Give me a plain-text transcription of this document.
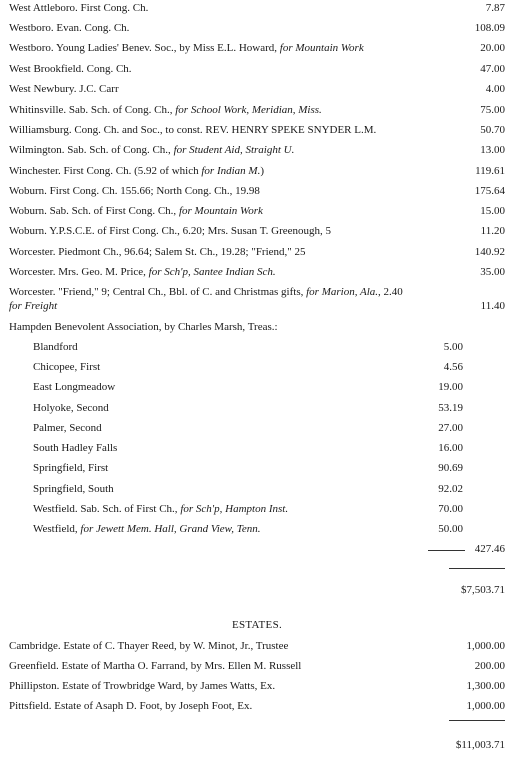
West Attleboro. First Cong. Ch.	7.87
Westboro. Evan. Cong. Ch.	108.09
Westboro. Young Ladies' Benev. Soc., by Miss E.L. Howard, for Mountain Work	20.00
West Brookfield. Cong. Ch.	47.00
West Newbury. J.C. Carr	4.00
Whitinsville. Sab. Sch. of Cong. Ch., for School Work, Meridian, Miss.	75.00
Williamsburg. Cong. Ch. and Soc., to const. REV. HENRY SPEKE SNYDER L.M.	50.70
Wilmington. Sab. Sch. of Cong. Ch., for Student Aid, Straight U.	13.00
Winchester. First Cong. Ch. (5.92 of which for Indian M.)	119.61
Woburn. First Cong. Ch. 155.66; North Cong. Ch., 19.98	175.64
Woburn. Sab. Sch. of First Cong. Ch., for Mountain Work	15.00
Woburn. Y.P.S.C.E. of First Cong. Ch., 6.20; Mrs. Susan T. Greenough, 5	11.20
Worcester. Piedmont Ch., 96.64; Salem St. Ch., 19.28; "Friend," 25	140.92
Worcester. Mrs. Geo. M. Price, for Sch'p, Santee Indian Sch.	35.00
Worcester. "Friend," 9; Central Ch., Bbl. of C. and Christmas gifts, for Marion, Ala., 2.40
for Freight	11.40
Hampden Benevolent Association, by Charles Marsh, Treas.:
Blandford	5.00
Chicopee, First	4.56
East Longmeadow	19.00
Holyoke, Second	53.19
Palmer, Second	27.00
South Hadley Falls	16.00
Springfield, First	90.69
Springfield, South	92.02
Westfield. Sab. Sch. of First Ch., for Sch'p, Hampton Inst.	70.00
Westfield, for Jewett Mem. Hall, Grand View, Tenn.	50.00
427.46
$7,503.71
ESTATES.
Cambridge. Estate of C. Thayer Reed, by W. Minot, Jr., Trustee	1,000.00
Greenfield. Estate of Martha O. Farrand, by Mrs. Ellen M. Russell	200.00
Phillipston. Estate of Trowbridge Ward, by James Watts, Ex.	1,300.00
Pittsfield. Estate of Asaph D. Foot, by Joseph Foot, Ex.	1,000.00
$11,003.71
